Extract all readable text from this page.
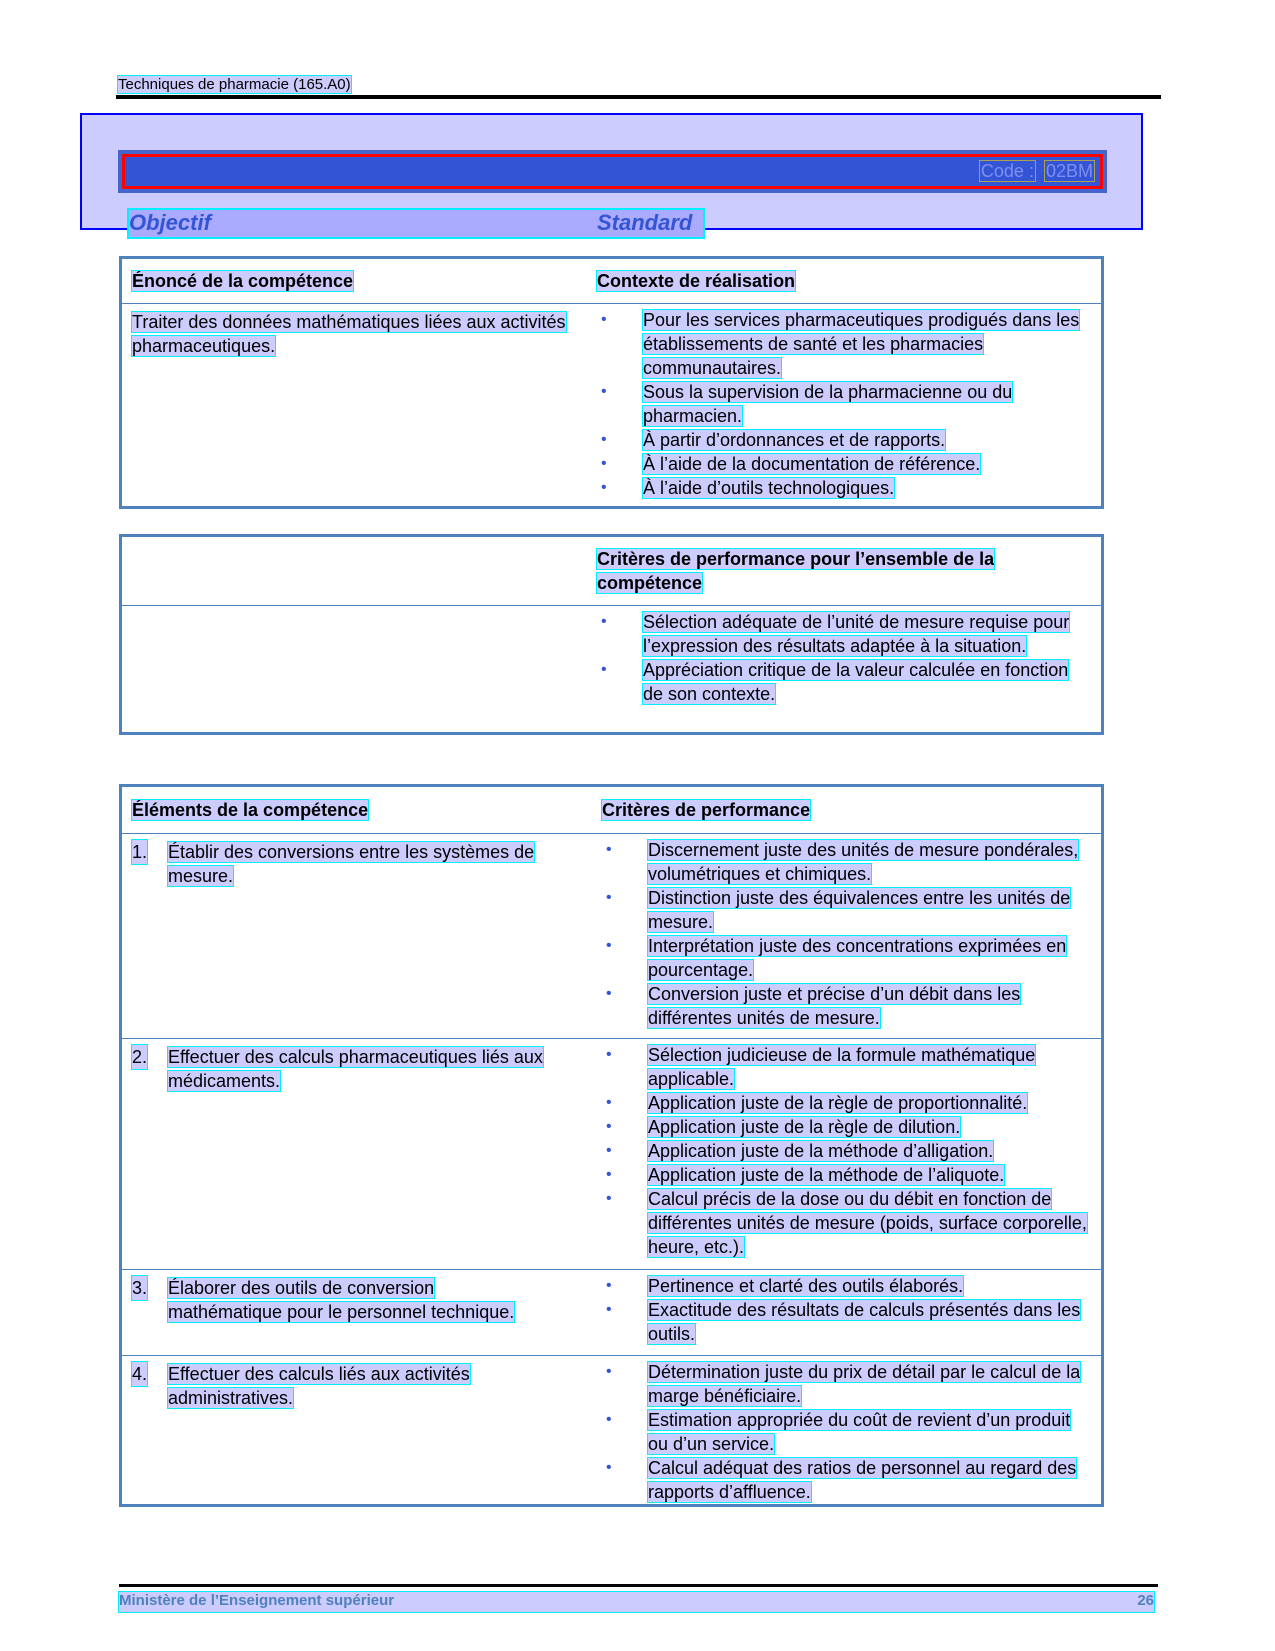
Techniques de pharmacie (165.A0)
Code : 02BM
Objectif	Standard
Énoncé de la compétence	Contexte de réalisation
Traiter des données mathématiques liées aux activités pharmaceutiques.
• Pour les services pharmaceutiques prodigués dans les établissements de santé et les pharmacies communautaires.
• Sous la supervision de la pharmacienne ou du pharmacien.
• À partir d’ordonnances et de rapports.
• À l’aide de la documentation de référence.
• À l’aide d’outils technologiques.
Critères de performance pour l’ensemble de la compétence
• Sélection adéquate de l’unité de mesure requise pour l’expression des résultats adaptée à la situation.
• Appréciation critique de la valeur calculée en fonction de son contexte.
Éléments de la compétence	Critères de performance
1.	Établir des conversions entre les systèmes de mesure.
• Discernement juste des unités de mesure pondérales, volumétriques et chimiques.
• Distinction juste des équivalences entre les unités de mesure.
• Interprétation juste des concentrations exprimées en pourcentage.
• Conversion juste et précise d’un débit dans les différentes unités de mesure.
2.	Effectuer des calculs pharmaceutiques liés aux médicaments.
• Sélection judicieuse de la formule mathématique applicable.
• Application juste de la règle de proportionnalité.
• Application juste de la règle de dilution.
• Application juste de la méthode d’alligation.
• Application juste de la méthode de l’aliquote.
• Calcul précis de la dose ou du débit en fonction de différentes unités de mesure (poids, surface corporelle, heure, etc.).
3.	Élaborer des outils de conversion mathématique pour le personnel technique.
• Pertinence et clarté des outils élaborés.
• Exactitude des résultats de calculs présentés dans les outils.
4.	Effectuer des calculs liés aux activités administratives.
• Détermination juste du prix de détail par le calcul de la marge bénéficiaire.
• Estimation appropriée du coût de revient d’un produit ou d’un service.
• Calcul adéquat des ratios de personnel au regard des rapports d’affluence.
Ministère de l’Enseignement supérieur	26
